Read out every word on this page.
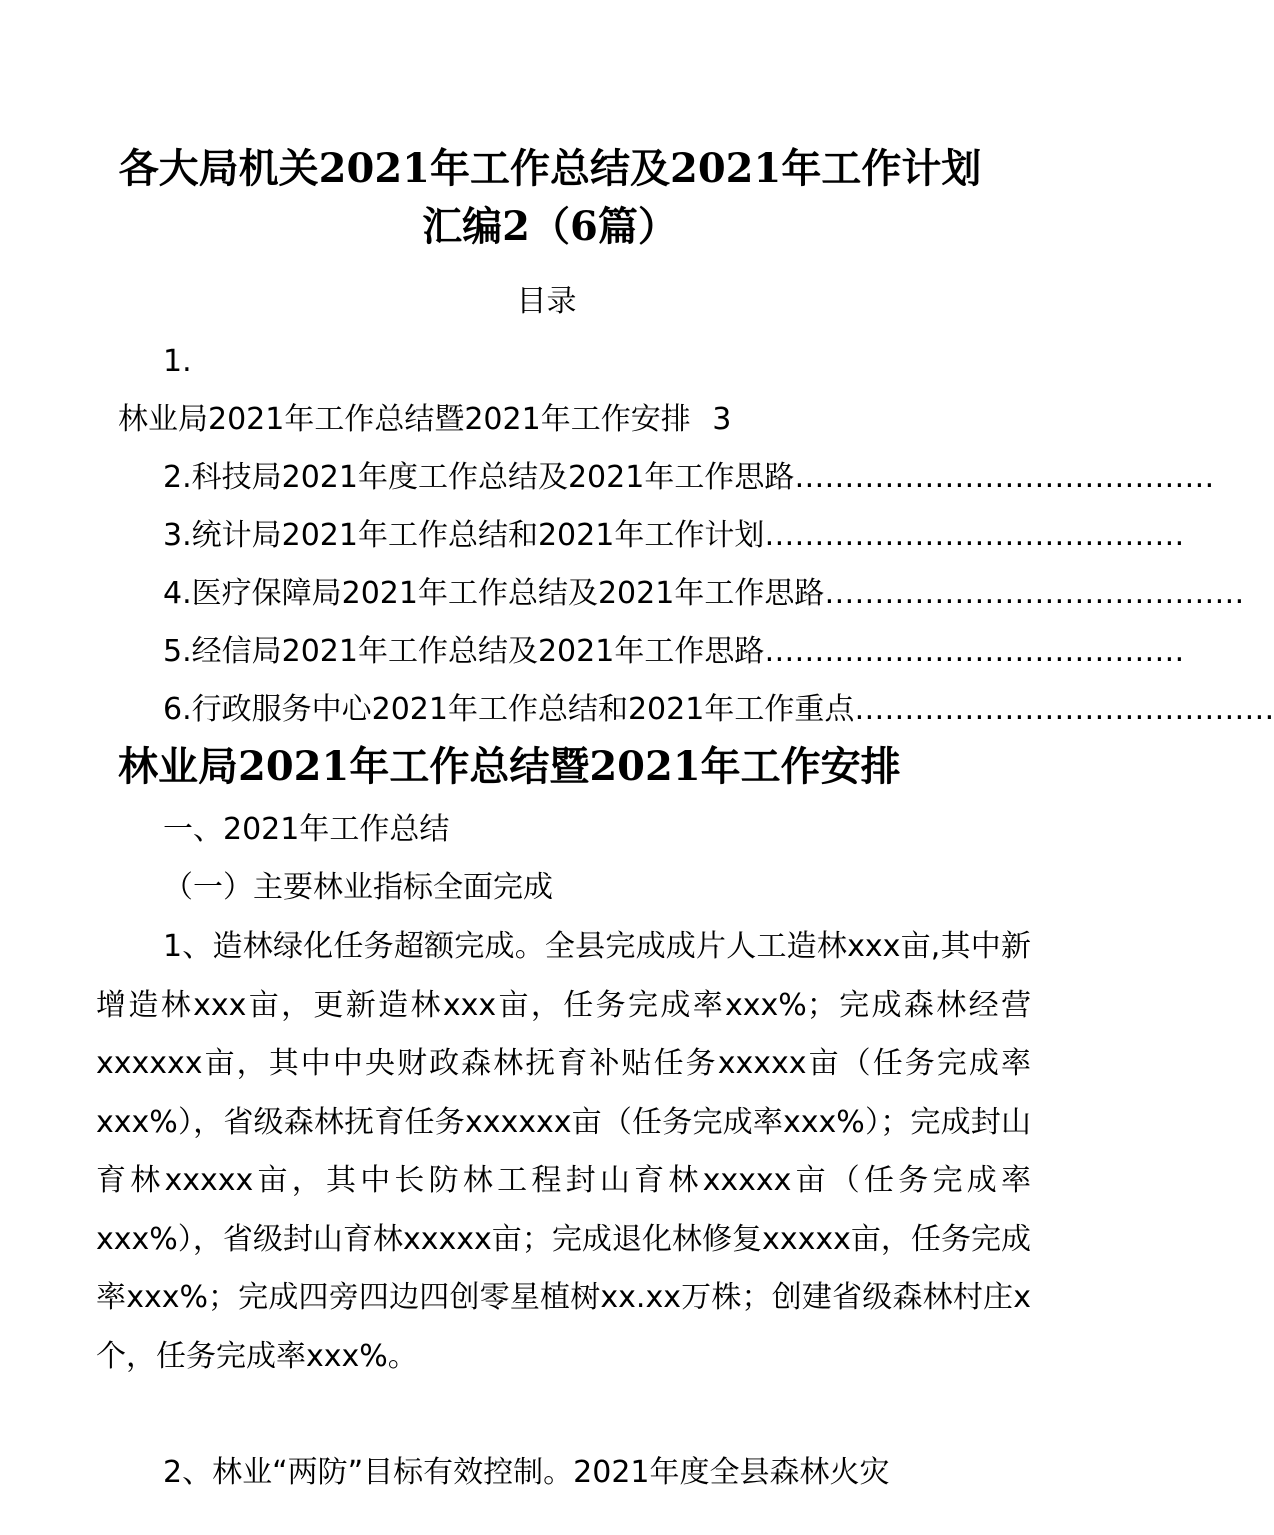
各大局机关2021年工作总结及2021年工作计划
汇编2（6篇）
目录
1.
林业局2021年工作总结暨2021年工作安排 3
2.科技局2021年度工作总结及2021年工作思路……………………………………
3.统计局2021年工作总结和2021年工作计划……………………………………
4.医疗保障局2021年工作总结及2021年工作思路……………………………………
5.经信局2021年工作总结及2021年工作思路……………………………………
6.行政服务中心2021年工作总结和2021年工作重点……………………………………
林业局2021年工作总结暨2021年工作安排
一、2021年工作总结
（一）主要林业指标全面完成

1、造林绿化任务超额完成。全县完成成片人工造林xxx亩,其中新增造林xxx亩，更新造林xxx亩，任务完成率xxx%；完成森林经营xxxxxx亩，其中中央财政森林抚育补贴任务xxxxx亩（任务完成率xxx%），省级森林抚育任务xxxxxx亩（任务完成率xxx%）；完成封山育林xxxxx亩，其中长防林工程封山育林xxxxx亩（任务完成率xxx%），省级封山育林xxxxx亩；完成退化林修复xxxxx亩，任务完成率xxx%；完成四旁四边四创零星植树xx.xx万株；创建省级森林村庄x个，任务完成率xxx%。

2、林业“两防”目标有效控制。2021年度全县森林火灾
